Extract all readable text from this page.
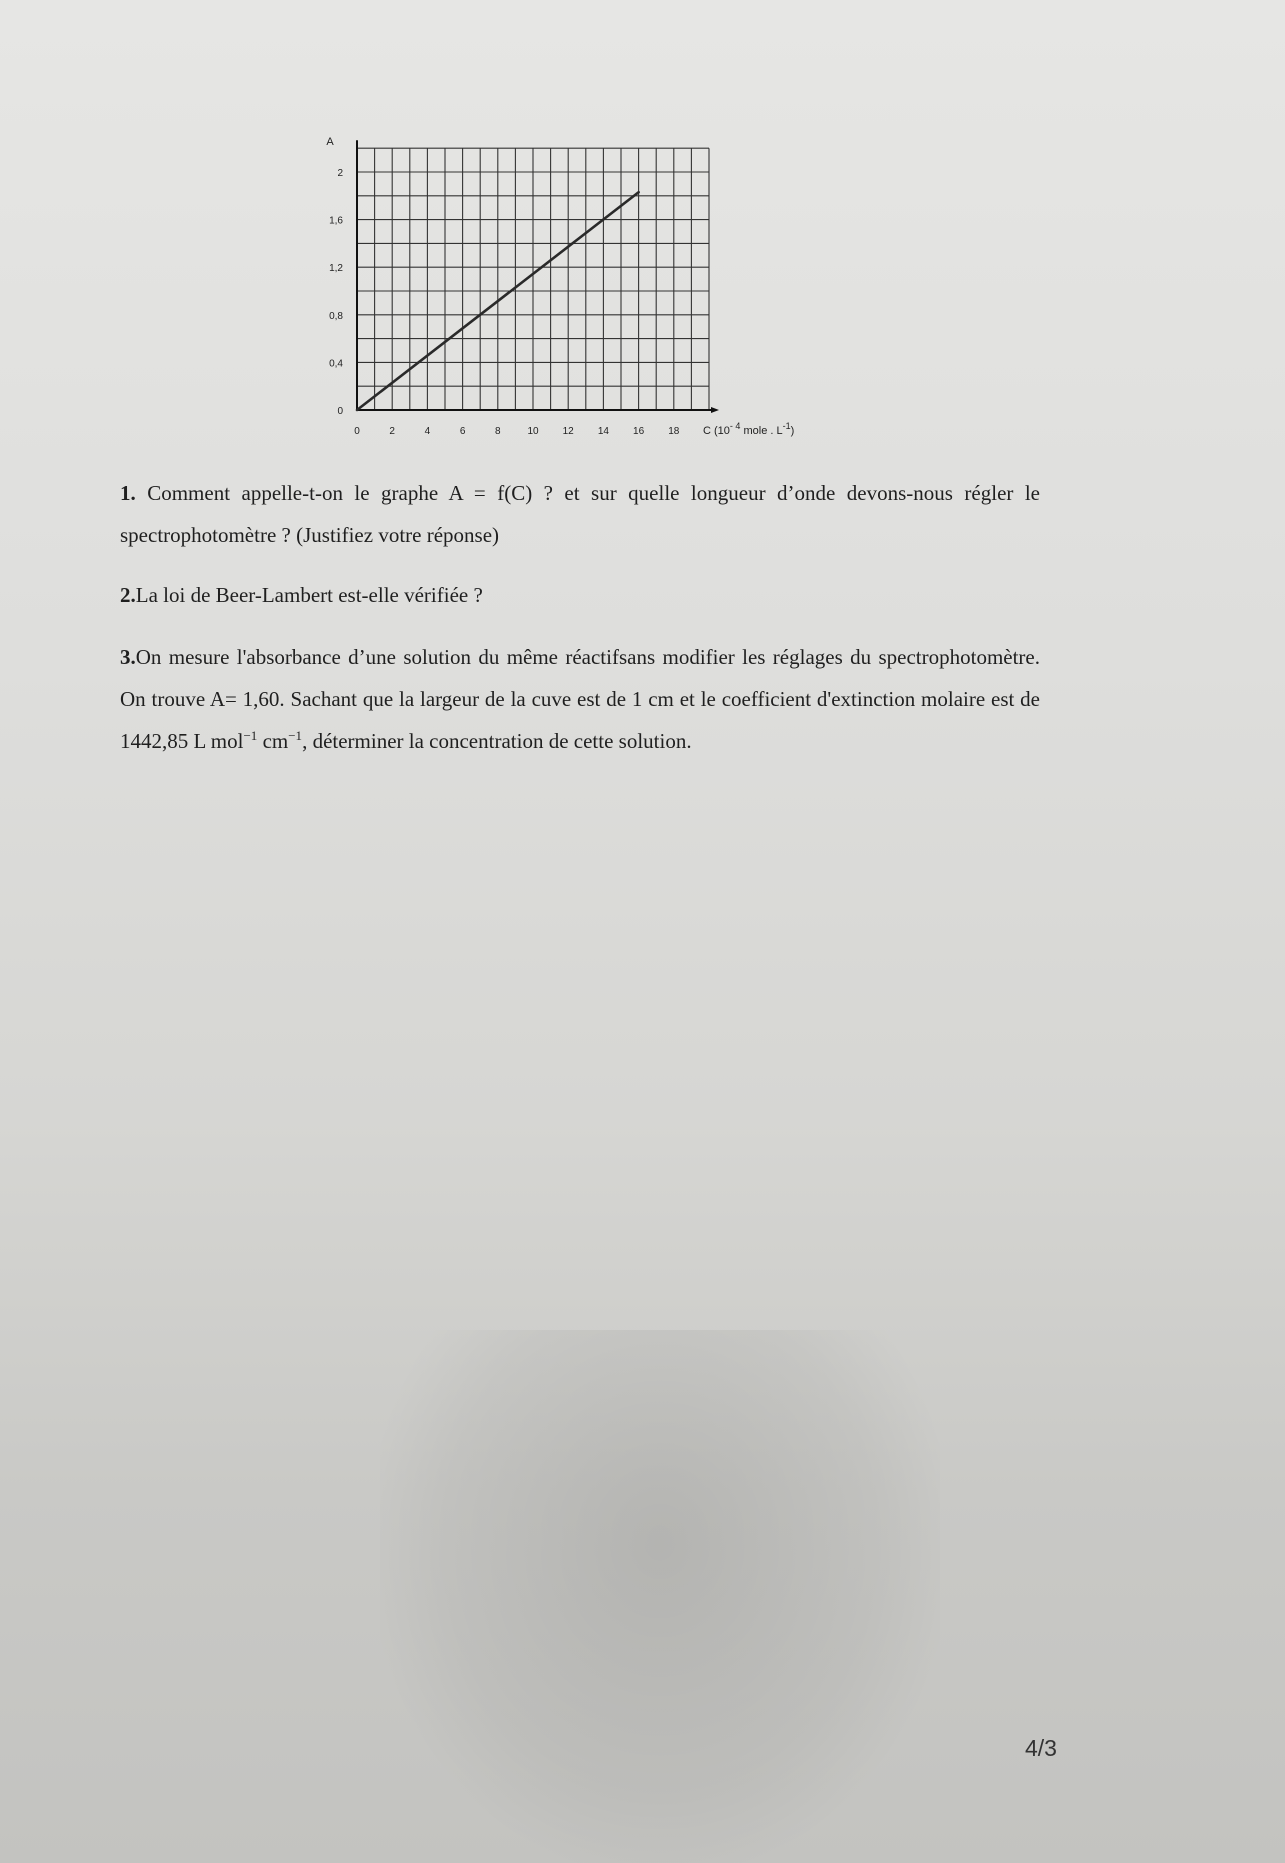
0
0,4
0,8
1,2
1,6
2
0	2	4	6	8	10 12 14 16 18
A
C ($10^{- 4}$ mole . $L^{-1}$)

1. Comment appelle-t-on le graphe A = f(C) ? et sur quelle longueur d’onde devons-nous régler le spectrophotomètre ? (Justifiez votre réponse)

2.La loi de Beer-Lambert est-elle vérifiée ?

3.On mesure l'absorbance d’une solution du même réactifsans modifier les réglages du spectrophotomètre. On trouve A= 1,60. Sachant que la largeur de la cuve est de 1 cm et le coefficient d'extinction molaire est de 1442,85 L mol$^{-1}$ $cm^{-1}$, déterminer la concentration de cette solution.

4/3
